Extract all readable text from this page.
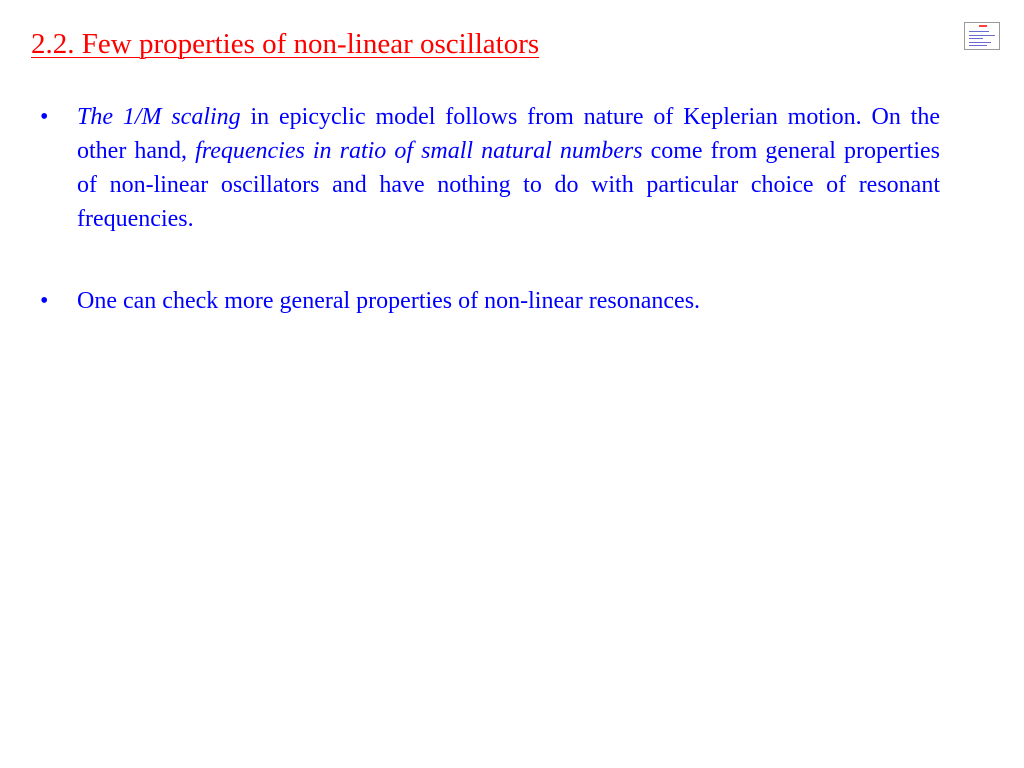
2.2. Few properties of non-linear oscillators
• The 1/M scaling in epicyclic model follows from nature of Keplerian motion. On the other hand, frequencies in ratio of small natural numbers come from general properties of non-linear oscillators and have nothing to do with particular choice of resonant frequencies.
• One can check more general properties of non-linear resonances.
